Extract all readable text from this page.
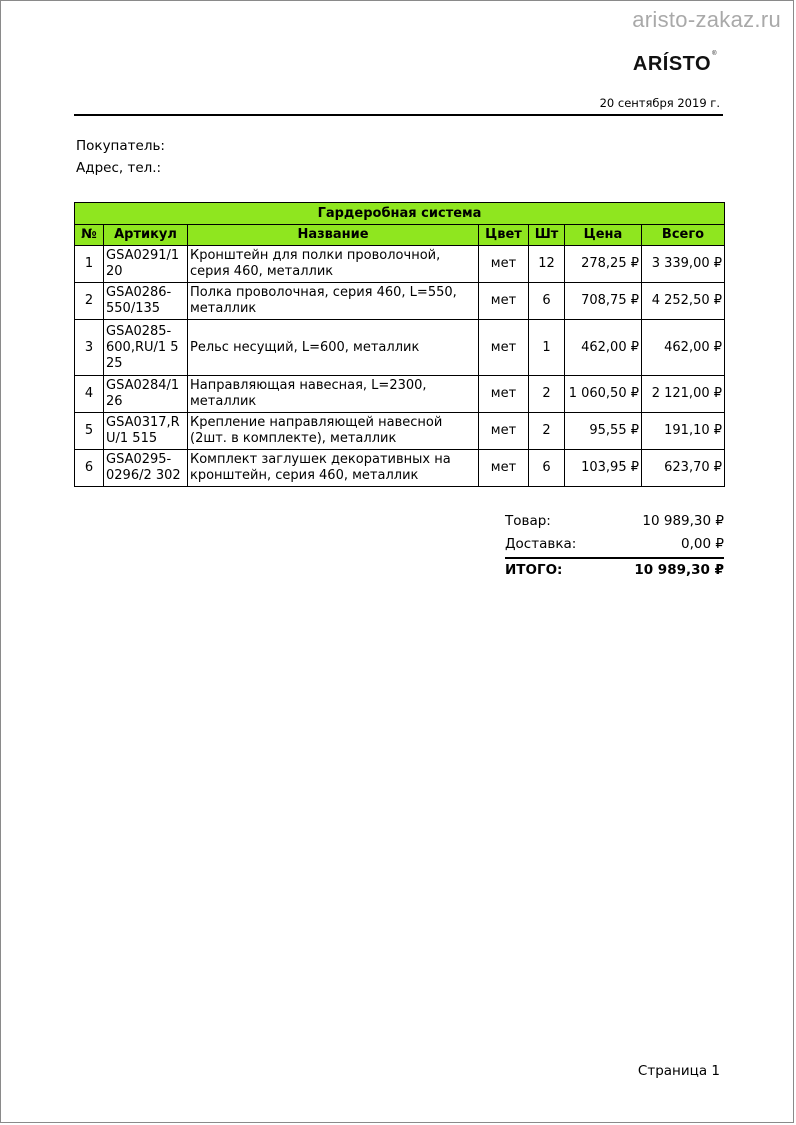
aristo-zakaz.ru
ARÍSTO®
20 сентября 2019 г.
Покупатель:
Адрес, тел.:
Гардеробная система						
№	Артикул	Название	Цвет	Шт	Цена	Всего
1	GSA0291/1 20	Кронштейн для полки проволочной, серия 460, металлик	мет	12	278,25 ₽	3 339,00 ₽
2	GSA0286-550/135	Полка проволочная, серия 460, L=550, металлик	мет	6	708,75 ₽	4 252,50 ₽
3	GSA0285-600,RU/1 5 25	Рельс несущий, L=600, металлик	мет	1	462,00 ₽	462,00 ₽
4	GSA0284/1 26	Направляющая навесная, L=2300, металлик	мет	2	1 060,50 ₽	2 121,00 ₽
5	GSA0317,R U/1 515	Крепление направляющей навесной (2шт. в комплекте), металлик	мет	2	95,55 ₽	191,10 ₽
6	GSA0295-0296/2 302	Комплект заглушек декоративных на кронштейн, серия 460, металлик	мет	6	103,95 ₽	623,70 ₽
Товар:	10 989,30 ₽
Доставка:	0,00 ₽
ИТОГО:	10 989,30 ₽
Страница 1
